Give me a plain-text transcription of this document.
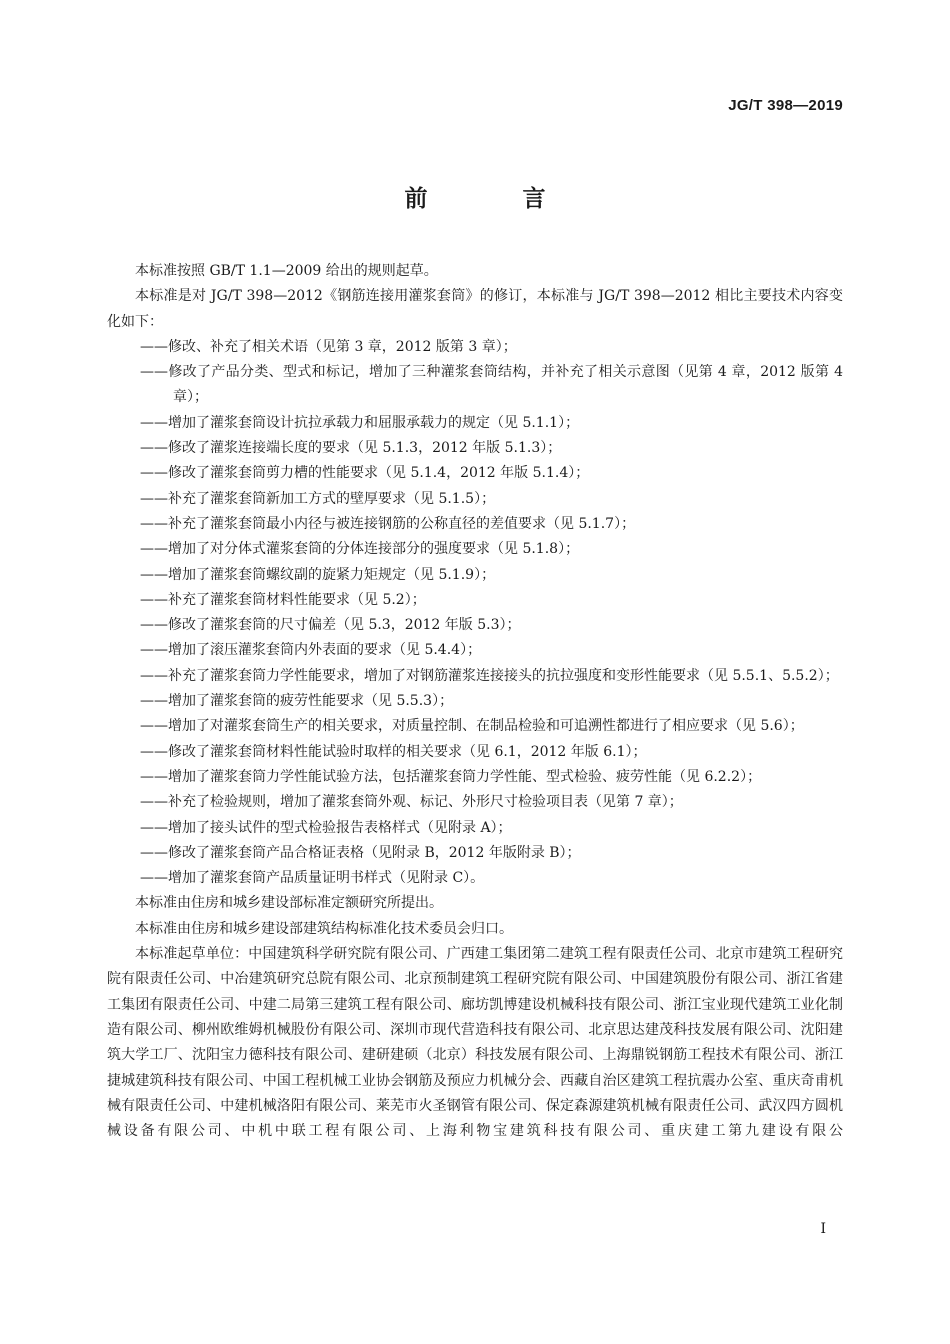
JG/T 398—2019
前　言

本标准按照 GB/T 1.1—2009 给出的规则起草。

本标准是对 JG/T 398—2012《钢筋连接用灌浆套筒》的修订，本标准与 JG/T 398—2012 相比主要技术内容变化如下：

——修改、补充了相关术语（见第 3 章，2012 版第 3 章）；

——修改了产品分类、型式和标记，增加了三种灌浆套筒结构，并补充了相关示意图（见第 4 章，2012 版第 4 章）；

——增加了灌浆套筒设计抗拉承载力和屈服承载力的规定（见 5.1.1）；

——修改了灌浆连接端长度的要求（见 5.1.3，2012 年版 5.1.3）；

——修改了灌浆套筒剪力槽的性能要求（见 5.1.4，2012 年版 5.1.4）；

——补充了灌浆套筒新加工方式的壁厚要求（见 5.1.5）；

——补充了灌浆套筒最小内径与被连接钢筋的公称直径的差值要求（见 5.1.7）；

——增加了对分体式灌浆套筒的分体连接部分的强度要求（见 5.1.8）；

——增加了灌浆套筒螺纹副的旋紧力矩规定（见 5.1.9）；

——补充了灌浆套筒材料性能要求（见 5.2）；

——修改了灌浆套筒的尺寸偏差（见 5.3，2012 年版 5.3）；

——增加了滚压灌浆套筒内外表面的要求（见 5.4.4）；

——补充了灌浆套筒力学性能要求，增加了对钢筋灌浆连接接头的抗拉强度和变形性能要求（见 5.5.1、5.5.2）；

——增加了灌浆套筒的疲劳性能要求（见 5.5.3）；

——增加了对灌浆套筒生产的相关要求，对质量控制、在制品检验和可追溯性都进行了相应要求（见 5.6）；

——修改了灌浆套筒材料性能试验时取样的相关要求（见 6.1，2012 年版 6.1）；

——增加了灌浆套筒力学性能试验方法，包括灌浆套筒力学性能、型式检验、疲劳性能（见 6.2.2）；

——补充了检验规则，增加了灌浆套筒外观、标记、外形尺寸检验项目表（见第 7 章）；

——增加了接头试件的型式检验报告表格样式（见附录 A）；

——修改了灌浆套筒产品合格证表格（见附录 B，2012 年版附录 B）；

——增加了灌浆套筒产品质量证明书样式（见附录 C）。

本标准由住房和城乡建设部标准定额研究所提出。

本标准由住房和城乡建设部建筑结构标准化技术委员会归口。

本标准起草单位：中国建筑科学研究院有限公司、广西建工集团第二建筑工程有限责任公司、北京市建筑工程研究院有限责任公司、中冶建筑研究总院有限公司、北京预制建筑工程研究院有限公司、中国建筑股份有限公司、浙江省建工集团有限责任公司、中建二局第三建筑工程有限公司、廊坊凯博建设机械科技有限公司、浙江宝业现代建筑工业化制造有限公司、柳州欧维姆机械股份有限公司、深圳市现代营造科技有限公司、北京思达建茂科技发展有限公司、沈阳建筑大学工厂、沈阳宝力德科技有限公司、建研建硕（北京）科技发展有限公司、上海鼎锐钢筋工程技术有限公司、浙江捷城建筑科技有限公司、中国工程机械工业协会钢筋及预应力机械分会、西藏自治区建筑工程抗震办公室、重庆奇甫机械有限责任公司、中建机械洛阳有限公司、莱芜市火圣钢管有限公司、保定森源建筑机械有限责任公司、武汉四方圆机械设备有限公司、中机中联工程有限公司、上海利物宝建筑科技有限公司、重庆建工第九建设有限公

I
